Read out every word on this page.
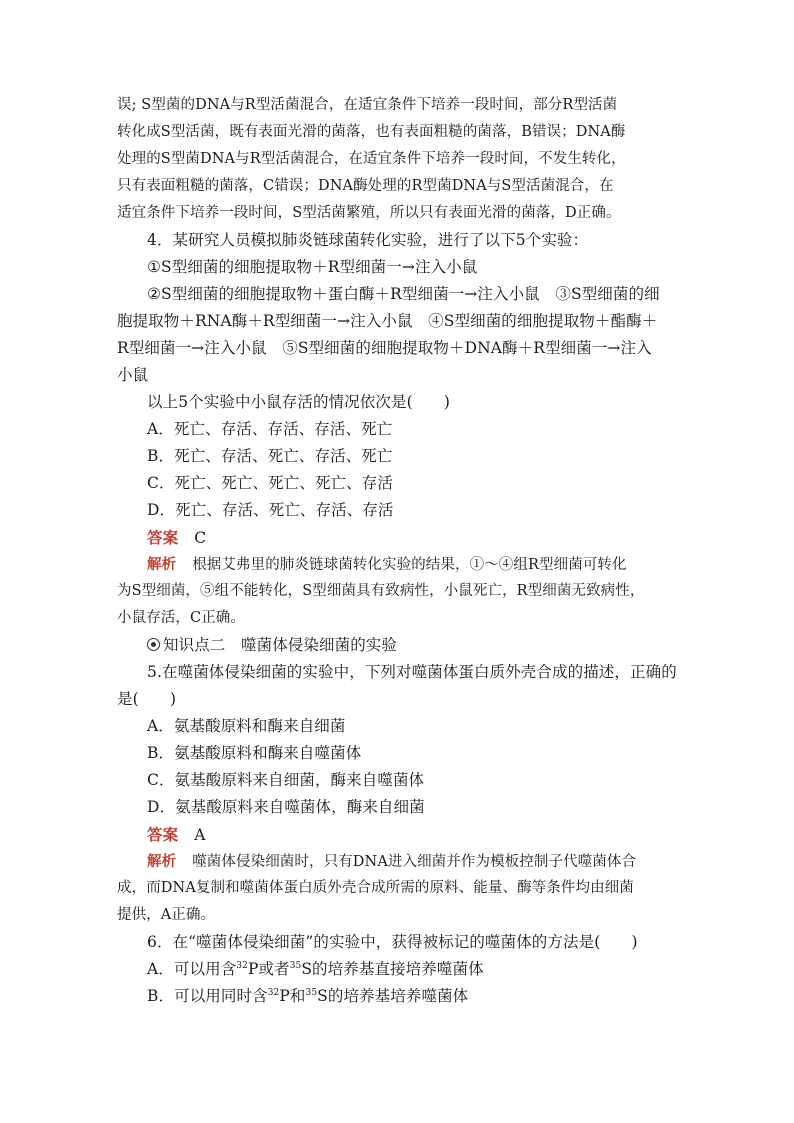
误; S型菌的DNA与R型活菌混合，在适宜条件下培养一段时间，部分R型活菌
转化成S型活菌，既有表面光滑的菌落，也有表面粗糙的菌落，B错误；DNA酶
处理的S型菌DNA与R型活菌混合，在适宜条件下培养一段时间，不发生转化，
只有表面粗糙的菌落，C错误；DNA酶处理的R型菌DNA与S型活菌混合，在
适宜条件下培养一段时间，S型活菌繁殖，所以只有表面光滑的菌落，D正确。
4．某研究人员模拟肺炎链球菌转化实验，进行了以下5个实验：
①S型细菌的细胞提取物＋R型细菌一→注入小鼠
②S型细菌的细胞提取物＋蛋白酶＋R型细菌一→注入小鼠　③S型细菌的细
胞提取物＋RNA酶＋R型细菌一→注入小鼠　④S型细菌的细胞提取物＋酯酶＋
R型细菌一→注入小鼠　⑤S型细菌的细胞提取物＋DNA酶＋R型细菌一→注入
小鼠
以上5个实验中小鼠存活的情况依次是(　　)
A．死亡、存活、存活、存活、死亡
B．死亡、存活、死亡、存活、死亡
C．死亡、死亡、死亡、死亡、存活
D．死亡、存活、死亡、存活、存活
答案 C
解析 根据艾弗里的肺炎链球菌转化实验的结果，①～④组R型细菌可转化
为S型细菌，⑤组不能转化，S型细菌具有致病性，小鼠死亡，R型细菌无致病性，
小鼠存活，C正确。
知识点二　噬菌体侵染细菌的实验
5.在噬菌体侵染细菌的实验中，下列对噬菌体蛋白质外壳合成的描述，正确的
是(　　)
A．氨基酸原料和酶来自细菌
B．氨基酸原料和酶来自噬菌体
C．氨基酸原料来自细菌，酶来自噬菌体
D．氨基酸原料来自噬菌体，酶来自细菌
答案 A
解析 噬菌体侵染细菌时，只有DNA进入细菌并作为模板控制子代噬菌体合
成，而DNA复制和噬菌体蛋白质外壳合成所需的原料、能量、酶等条件均由细菌
提供，A正确。
6．在“噬菌体侵染细菌”的实验中，获得被标记的噬菌体的方法是(　　)
A．可以用含$^{32}$P或者$^{35}$S的培养基直接培养噬菌体
B．可以用同时含$^{32}$P和$^{35}$S的培养基培养噬菌体
